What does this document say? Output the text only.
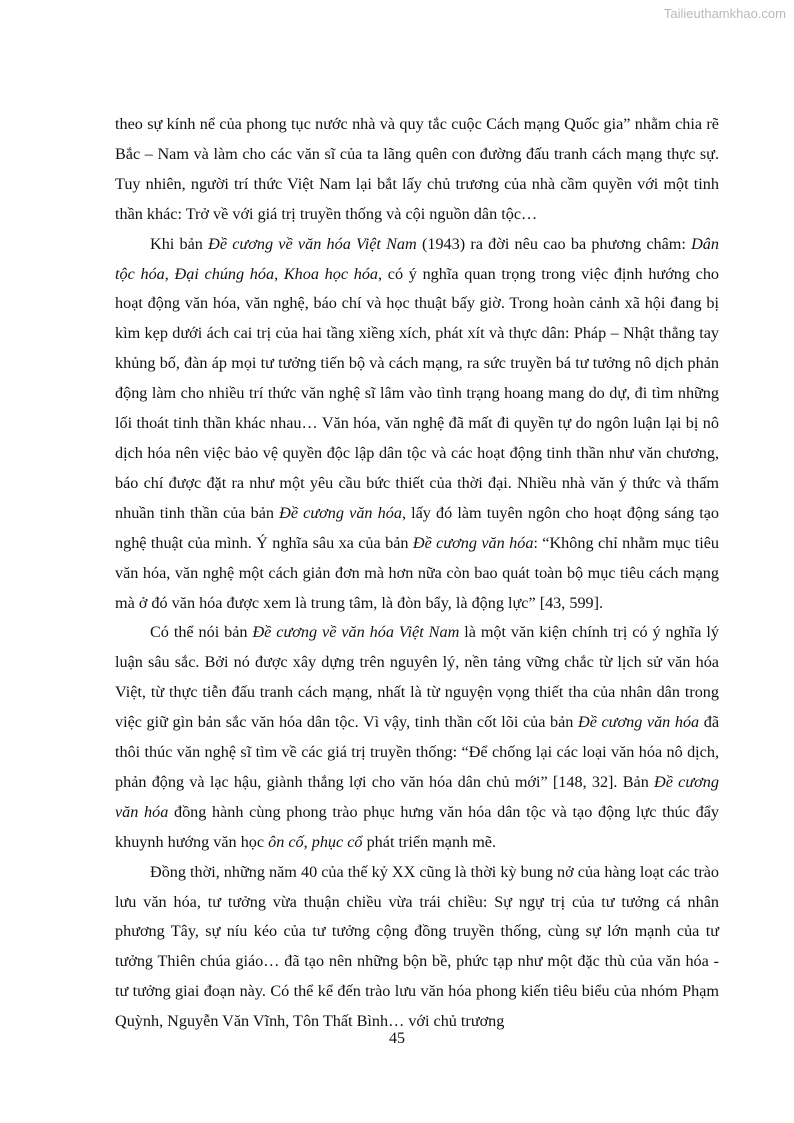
Tailieuthamkhao.com

theo sự kính nể của phong tục nước nhà và quy tắc cuộc Cách mạng Quốc gia” nhằm chia rẽ Bắc – Nam và làm cho các văn sĩ của ta lãng quên con đường đấu tranh cách mạng thực sự. Tuy nhiên, người trí thức Việt Nam lại bắt lấy chủ trương của nhà cầm quyền với một tinh thần khác: Trở về với giá trị truyền thống và cội nguồn dân tộc…

Khi bản Đề cương về văn hóa Việt Nam (1943) ra đời nêu cao ba phương châm: Dân tộc hóa, Đại chúng hóa, Khoa học hóa, có ý nghĩa quan trọng trong việc định hướng cho hoạt động văn hóa, văn nghệ, báo chí và học thuật bấy giờ. Trong hoàn cảnh xã hội đang bị kìm kẹp dưới ách cai trị của hai tầng xiềng xích, phát xít và thực dân: Pháp – Nhật thẳng tay khủng bố, đàn áp mọi tư tưởng tiến bộ và cách mạng, ra sức truyền bá tư tưởng nô dịch phản động làm cho nhiều trí thức văn nghệ sĩ lâm vào tình trạng hoang mang do dự, đi tìm những lối thoát tinh thần khác nhau… Văn hóa, văn nghệ đã mất đi quyền tự do ngôn luận lại bị nô dịch hóa nên việc bảo vệ quyền độc lập dân tộc và các hoạt động tinh thần như văn chương, báo chí được đặt ra như một yêu cầu bức thiết của thời đại. Nhiều nhà văn ý thức và thấm nhuần tinh thần của bản Đề cương văn hóa, lấy đó làm tuyên ngôn cho hoạt động sáng tạo nghệ thuật của mình. Ý nghĩa sâu xa của bản Đề cương văn hóa: “Không chỉ nhằm mục tiêu văn hóa, văn nghệ một cách giản đơn mà hơn nữa còn bao quát toàn bộ mục tiêu cách mạng mà ở đó văn hóa được xem là trung tâm, là đòn bẩy, là động lực” [43, 599].

Có thể nói bản Đề cương về văn hóa Việt Nam là một văn kiện chính trị có ý nghĩa lý luận sâu sắc. Bởi nó được xây dựng trên nguyên lý, nền tảng vững chắc từ lịch sử văn hóa Việt, từ thực tiễn đấu tranh cách mạng, nhất là từ nguyện vọng thiết tha của nhân dân trong việc giữ gìn bản sắc văn hóa dân tộc. Vì vậy, tinh thần cốt lõi của bản Đề cương văn hóa đã thôi thúc văn nghệ sĩ tìm về các giá trị truyền thống: “Để chống lại các loại văn hóa nô dịch, phản động và lạc hậu, giành thắng lợi cho văn hóa dân chủ mới” [148, 32]. Bản Đề cương văn hóa đồng hành cùng phong trào phục hưng văn hóa dân tộc và tạo động lực thúc đẩy khuynh hướng văn học ôn cố, phục cổ phát triển mạnh mẽ.

Đồng thời, những năm 40 của thế kỷ XX cũng là thời kỳ bung nở của hàng loạt các trào lưu văn hóa, tư tưởng vừa thuận chiều vừa trái chiều: Sự ngự trị của tư tưởng cá nhân phương Tây, sự níu kéo của tư tưởng cộng đồng truyền thống, cùng sự lớn mạnh của tư tưởng Thiên chúa giáo… đã tạo nên những bộn bề, phức tạp như một đặc thù của văn hóa - tư tưởng giai đoạn này. Có thể kể đến trào lưu văn hóa phong kiến tiêu biểu của nhóm Phạm Quỳnh, Nguyễn Văn Vĩnh, Tôn Thất Bình… với chủ trương

45
